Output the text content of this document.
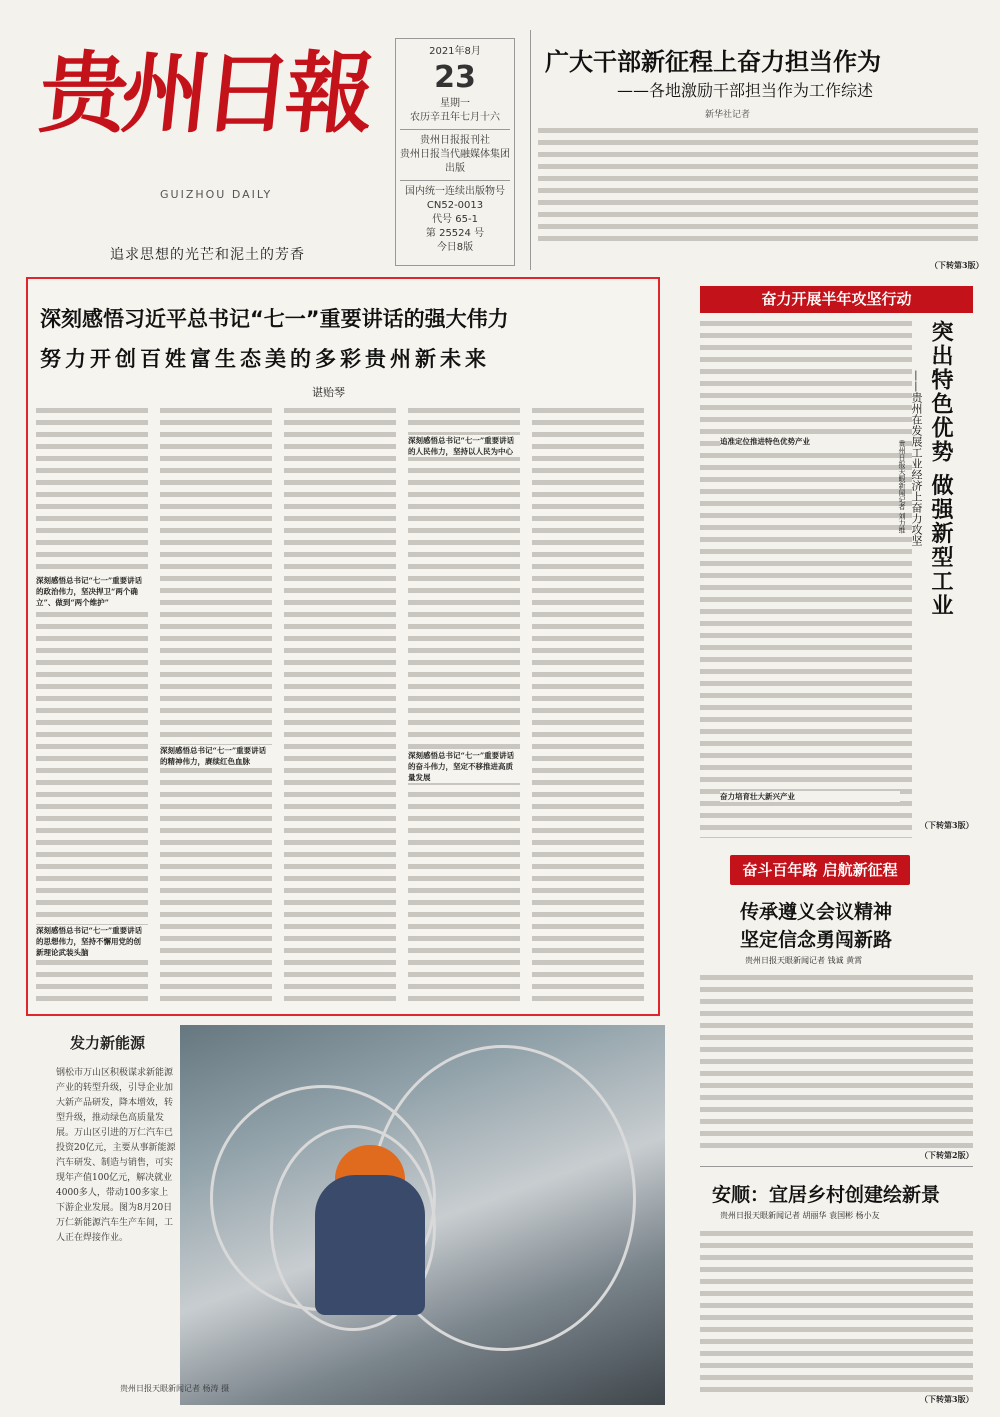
贵州日報
GUIZHOU DAILY
追求思想的光芒和泥土的芳香
2021年8月
23
星期一
农历辛丑年七月十六
贵州日报报刊社
贵州日报当代融媒体集团
出版
国内统一连续出版物号
CN52-0013
代号 65-1
第 25524 号
今日8版
广大干部新征程上奋力担当作为
——各地激励干部担当作为工作综述
新华社记者
（下转第3版）
深刻感悟习近平总书记“七一”重要讲话的强大伟力
努力开创百姓富生态美的多彩贵州新未来
谌贻琴
深刻感悟总书记“七一”重要讲话的政治伟力，坚决捍卫“两个确立”、做到“两个维护”
深刻感悟总书记“七一”重要讲话的思想伟力，坚持不懈用党的创新理论武装头脑
深刻感悟总书记“七一”重要讲话的精神伟力，赓续红色血脉
深刻感悟总书记“七一”重要讲话的人民伟力，坚持以人民为中心
深刻感悟总书记“七一”重要讲话的奋斗伟力，坚定不移推进高质量发展
奋力开展半年攻坚行动
追准定位推进特色优势产业
奋力培育壮大新兴产业
突出特色优势 做强新型工业
——贵州在发展工业经济上奋力攻坚
贵州日报天眼新闻记者 刘力维
（下转第3版）
奋斗百年路 启航新征程
传承遵义会议精神
坚定信念勇闯新路
贵州日报天眼新闻记者 钱诚 黄霄
（下转第2版）
安顺：宜居乡村创建绘新景
贵州日报天眼新闻记者 胡丽华 袁国彬 杨小友
（下转第3版）
发力新能源
钢松市万山区积极谋求新能源产业的转型升级，引导企业加大新产品研发，降本增效，转型升级，推动绿色高质量发展。万山区引进的万仁汽车已投资20亿元，主要从事新能源汽车研发、制造与销售，可实现年产值100亿元，解决就业4000多人，带动100多家上下游企业发展。图为8月20日万仁新能源汽车生产车间，工人正在焊接作业。
贵州日报天眼新闻记者 杨涛 摄
